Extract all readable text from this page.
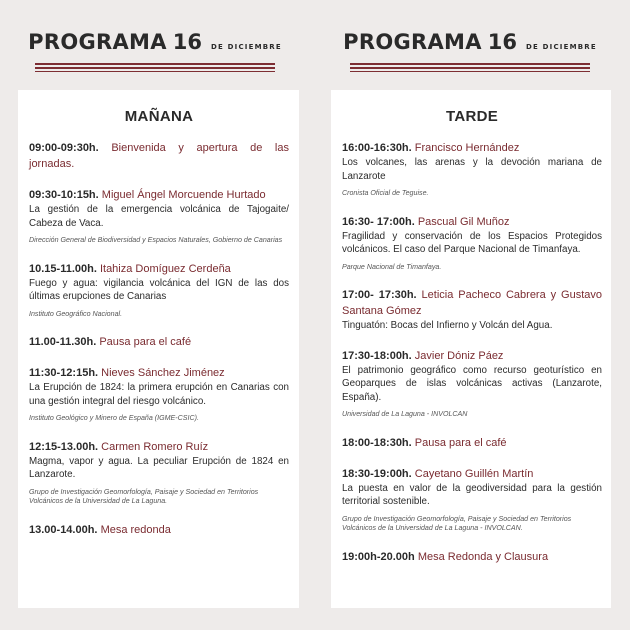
PROGRAMA 16 DE DICIEMBRE	PROGRAMA 16 DE DICIEMBRE
MAÑANA
09:00-09:30h. Bienvenida y apertura de las jornadas.
09:30-10:15h. Miguel Ángel Morcuende Hurtado
La gestión de la emergencia volcánica de Tajogaite/ Cabeza de Vaca.
Dirección General de Biodiversidad y Espacios Naturales, Gobierno de Canarias
10.15-11.00h. Itahiza Domíguez Cerdeña
Fuego y agua: vigilancia volcánica del IGN de las dos últimas erupciones de Canarias
Instituto Geográfico Nacional.
11.00-11.30h. Pausa para el café
11:30-12:15h. Nieves Sánchez Jiménez
La Erupción de 1824: la primera erupción en Canarias con una gestión integral del riesgo volcánico.
Instituto Geológico y Minero de España (IGME-CSIC).
12:15-13.00h. Carmen Romero Ruíz
Magma, vapor y agua. La peculiar Erupción de 1824 en Lanzarote.
Grupo de Investigación Geomorfología, Paisaje y Sociedad en Territorios Volcánicos de la Universidad de La Laguna.
13.00-14.00h. Mesa redonda
TARDE
16:00-16:30h. Francisco Hernández
Los volcanes, las arenas y la devoción mariana de Lanzarote
Cronista Oficial de Teguise.
16:30- 17:00h. Pascual Gil Muñoz
Fragilidad y conservación de los Espacios Protegidos volcánicos. El caso del Parque Nacional de Timanfaya.
Parque Nacional de Timanfaya.
17:00- 17:30h. Leticia Pacheco Cabrera y Gustavo Santana Gómez
Tinguatón: Bocas del Infierno y Volcán del Agua.
17:30-18:00h. Javier Dóniz Páez
El patrimonio geográfico como recurso geoturístico en Geoparques de islas volcánicas activas (Lanzarote, España).
Universidad de La Laguna - INVOLCAN
18:00-18:30h. Pausa para el café
18:30-19:00h. Cayetano Guillén Martín
La puesta en valor de la geodiversidad para la gestión territorial sostenible.
Grupo de Investigación Geomorfología, Paisaje y Sociedad en Territorios Volcánicos de la Universidad de La Laguna - INVOLCAN.
19:00h-20.00h Mesa Redonda y Clausura
